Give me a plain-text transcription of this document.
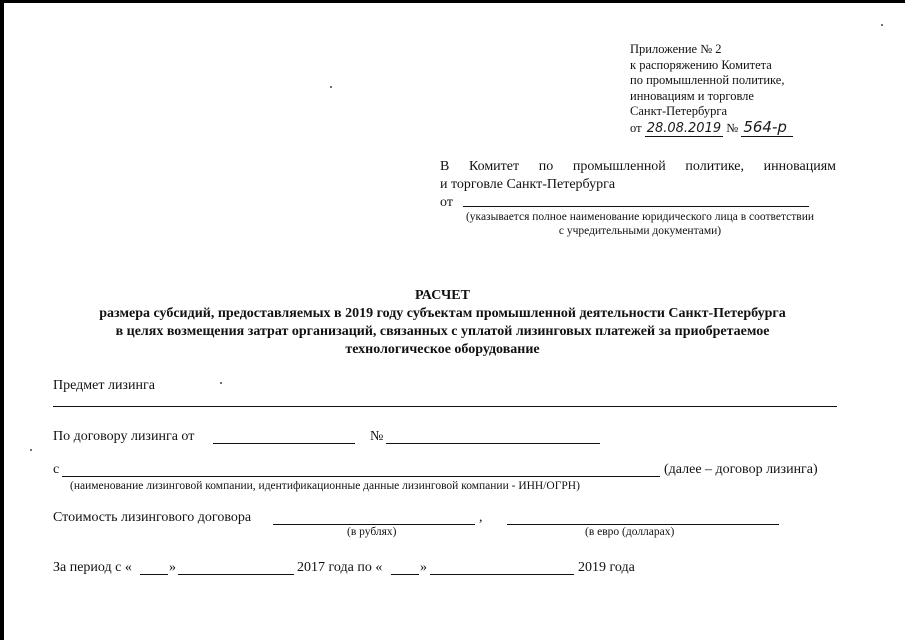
Приложение № 2
к распоряжению Комитета
по промышленной политике,
инновациям и торговле
Санкт-Петербурга
от 28.08.2019 № 564-р
В Комитет по промышленной политике, инновациям
и торговле Санкт-Петербурга
от
(указывается полное наименование юридического лица в соответствии
с учредительными документами)
РАСЧЕТ
размера субсидий, предоставляемых в 2019 году субъектам промышленной деятельности Санкт-Петербурга
в целях возмещения затрат организаций, связанных с уплатой лизинговых платежей за приобретаемое
технологическое оборудование
Предмет лизинга
По договору лизинга от	№
с	(далее – договор лизинга)
(наименование лизинговой компании, идентификационные данные лизинговой компании - ИНН/ОГРН)
Стоимость лизингового договора	,
(в рублях)	(в евро (долларах)
За период с «	»	2017 года по «	»	2019 года
